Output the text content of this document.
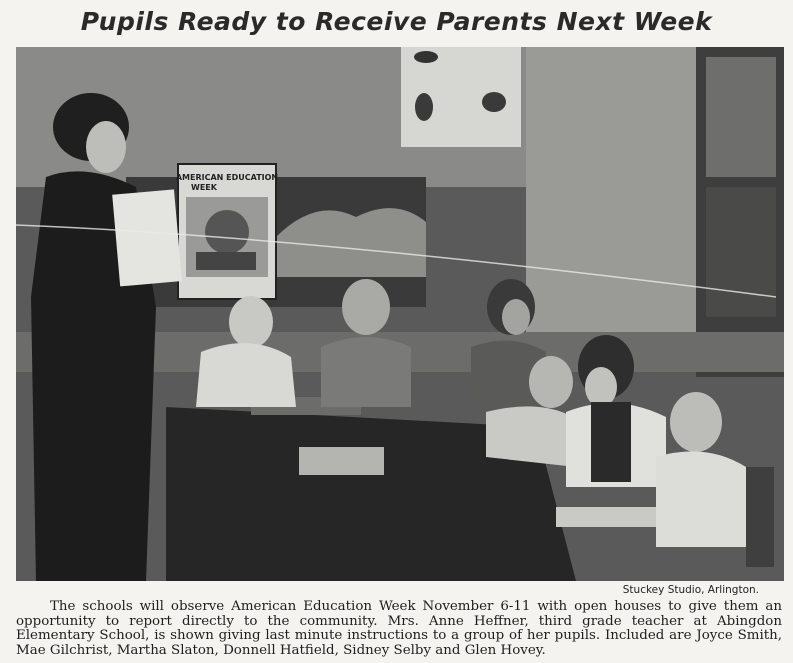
Pupils Ready to Receive Parents Next Week
AMERICAN EDUCATION
WEEK
Stuckey Studio, Arlington.

The schools will observe American Education Week November 6-11 with open houses to give them an opportunity to report directly to the community. Mrs. Anne Heffner, third grade teacher at Abingdon Elementary School, is shown giving last minute instructions to a group of her pupils. Included are Joyce Smith, Mae Gilchrist, Martha Slaton, Donnell Hatfield, Sidney Selby and Glen Hovey.
